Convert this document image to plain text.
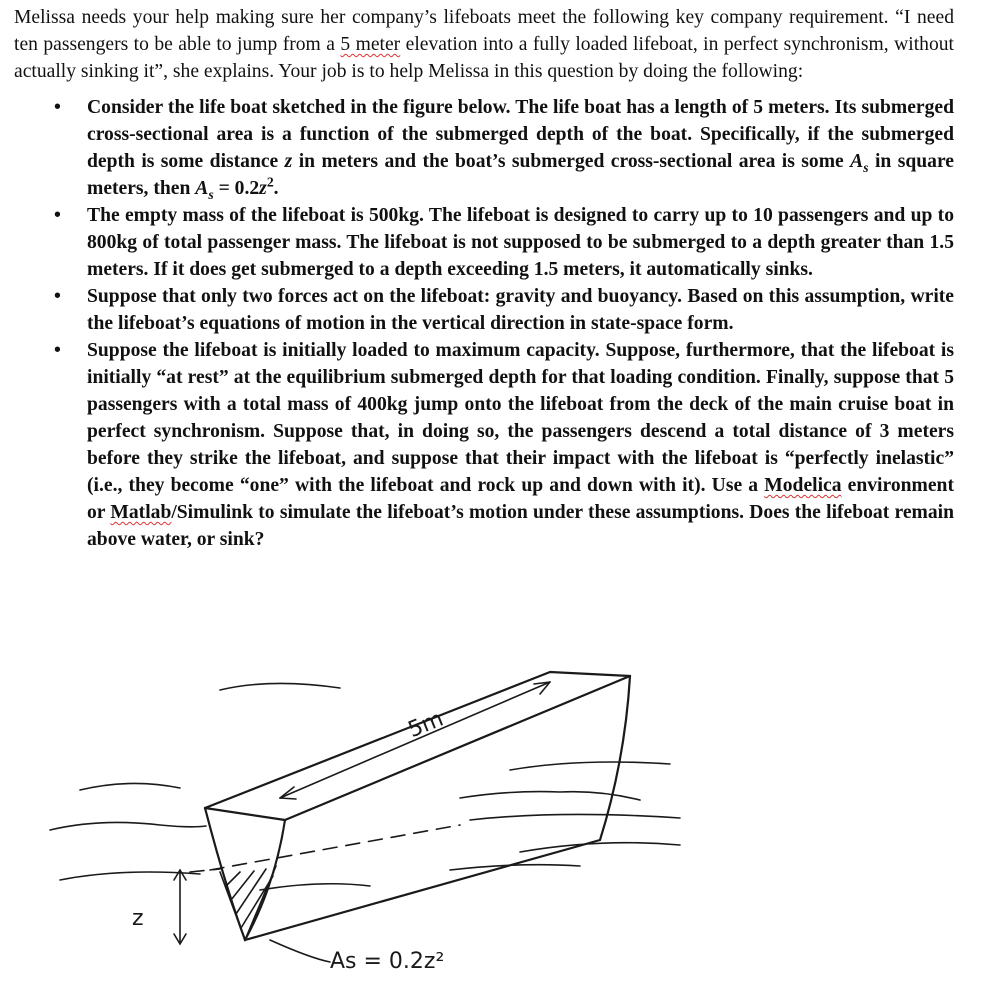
Melissa needs your help making sure her company’s lifeboats meet the following key company requirement. “I need ten passengers to be able to jump from a 5 meter elevation into a fully loaded lifeboat, in perfect synchronism, without actually sinking it”, she explains. Your job is to help Melissa in this question by doing the following:

• Consider the life boat sketched in the figure below. The life boat has a length of 5 meters. Its submerged cross-sectional area is a function of the submerged depth of the boat. Specifically, if the submerged depth is some distance z in meters and the boat’s submerged cross-sectional area is some $A_s$ in square meters, then $A_s = 0.2z^2$.
• The empty mass of the lifeboat is 500kg. The lifeboat is designed to carry up to 10 passengers and up to 800kg of total passenger mass. The lifeboat is not supposed to be submerged to a depth greater than 1.5 meters. If it does get submerged to a depth exceeding 1.5 meters, it automatically sinks.
• Suppose that only two forces act on the lifeboat: gravity and buoyancy. Based on this assumption, write the lifeboat’s equations of motion in the vertical direction in state-space form.
• Suppose the lifeboat is initially loaded to maximum capacity. Suppose, furthermore, that the lifeboat is initially “at rest” at the equilibrium submerged depth for that loading condition. Finally, suppose that 5 passengers with a total mass of 400kg jump onto the lifeboat from the deck of the main cruise boat in perfect synchronism. Suppose that, in doing so, the passengers descend a total distance of 3 meters before they strike the lifeboat, and suppose that their impact with the lifeboat is “perfectly inelastic” (i.e., they become “one” with the lifeboat and rock up and down with it). Use a Modelica environment or Matlab/Simulink to simulate the lifeboat’s motion under these assumptions. Does the lifeboat remain above water, or sink?
5m
z
As = 0.2z²
